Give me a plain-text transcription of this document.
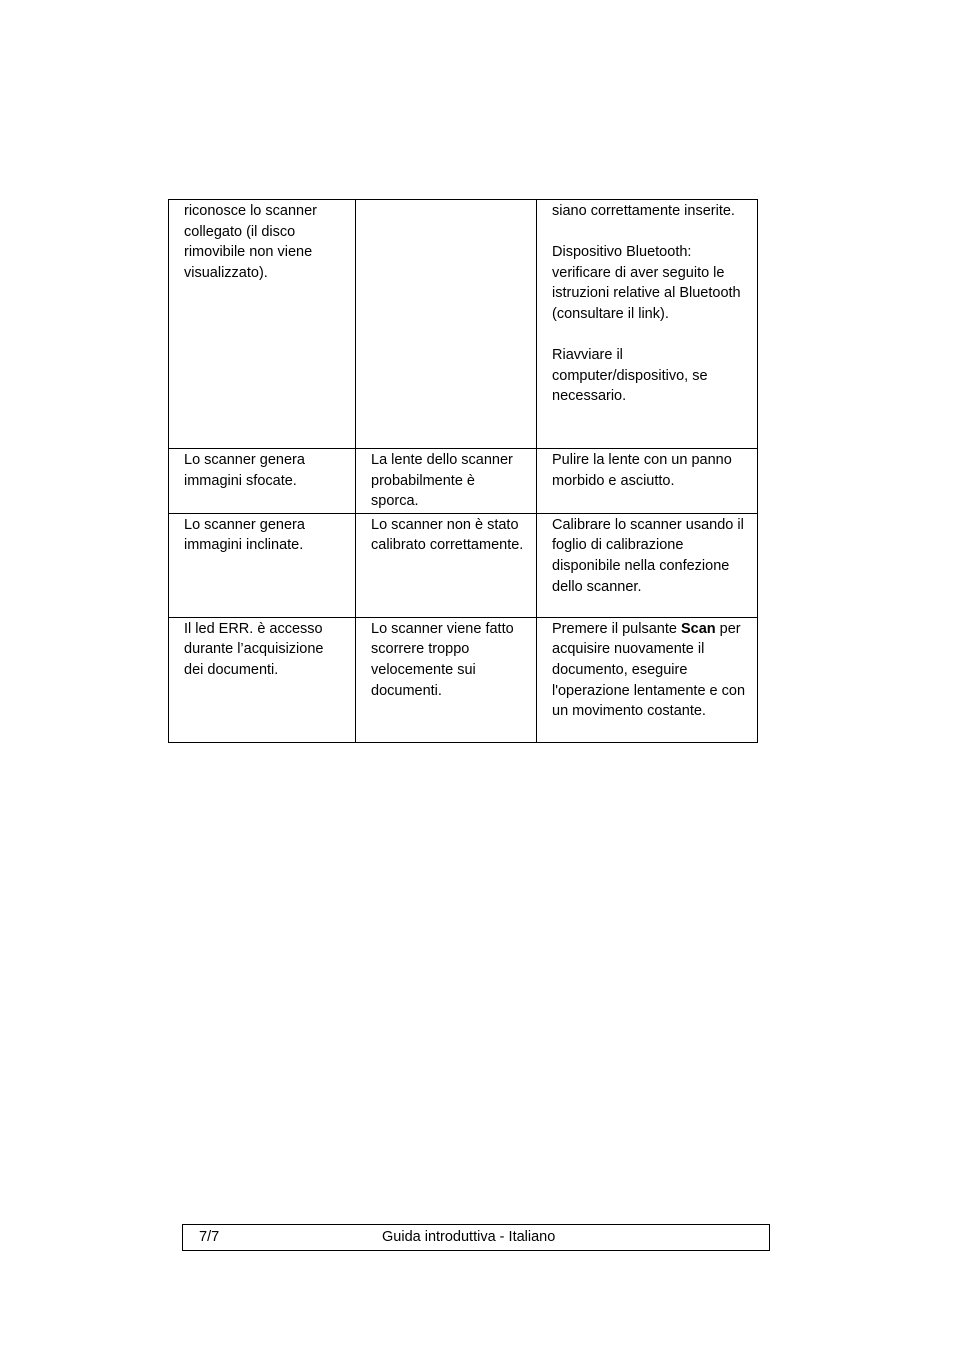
riconosce lo scanner collegato (il disco rimovibile non viene visualizzato).		siano correttamente inserite.
Dispositivo Bluetooth: verificare di aver seguito le istruzioni relative al Bluetooth (consultare il link).
Riavviare il computer/dispositivo, se necessario.

Lo scanner genera immagini sfocate.	La lente dello scanner probabilmente è sporca.	Pulire la lente con un panno morbido e asciutto.
Lo scanner genera immagini inclinate.	Lo scanner non è stato calibrato correttamente.	Calibrare lo scanner usando il foglio di calibrazione disponibile nella confezione dello scanner.
Il led ERR. è accesso durante l’acquisizione dei documenti.	Lo scanner viene fatto scorrere troppo velocemente sui documenti.	Premere il pulsante Scan per acquisire nuovamente il documento, eseguire l'operazione lentamente e con un movimento costante.
7/7	Guida introduttiva - Italiano
